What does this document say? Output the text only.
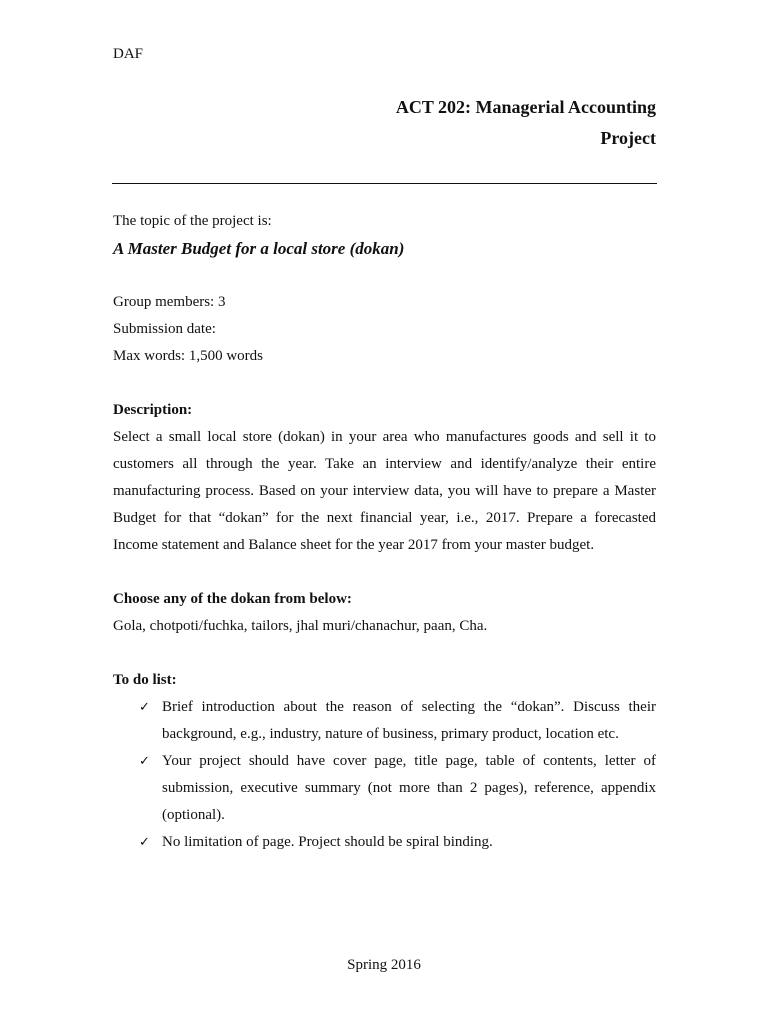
DAF
ACT 202: Managerial Accounting
Project
The topic of the project is:
A Master Budget for a local store (dokan)
Group members: 3
Submission date:
Max words: 1,500 words
Description:

Select a small local store (dokan) in your area who manufactures goods and sell it to customers all through the year. Take an interview and identify/analyze their entire manufacturing process. Based on your interview data, you will have to prepare a Master Budget for that “dokan” for the next financial year, i.e., 2017. Prepare a forecasted Income statement and Balance sheet for the year 2017 from your master budget.

Choose any of the dokan from below:
Gola, chotpoti/fuchka, tailors, jhal muri/chanachur, paan, Cha.
To do list:
✓ Brief introduction about the reason of selecting the “dokan”. Discuss their background, e.g., industry, nature of business, primary product, location etc.
✓ Your project should have cover page, title page, table of contents, letter of submission, executive summary (not more than 2 pages), reference, appendix (optional).
✓ No limitation of page. Project should be spiral binding.
Spring 2016
